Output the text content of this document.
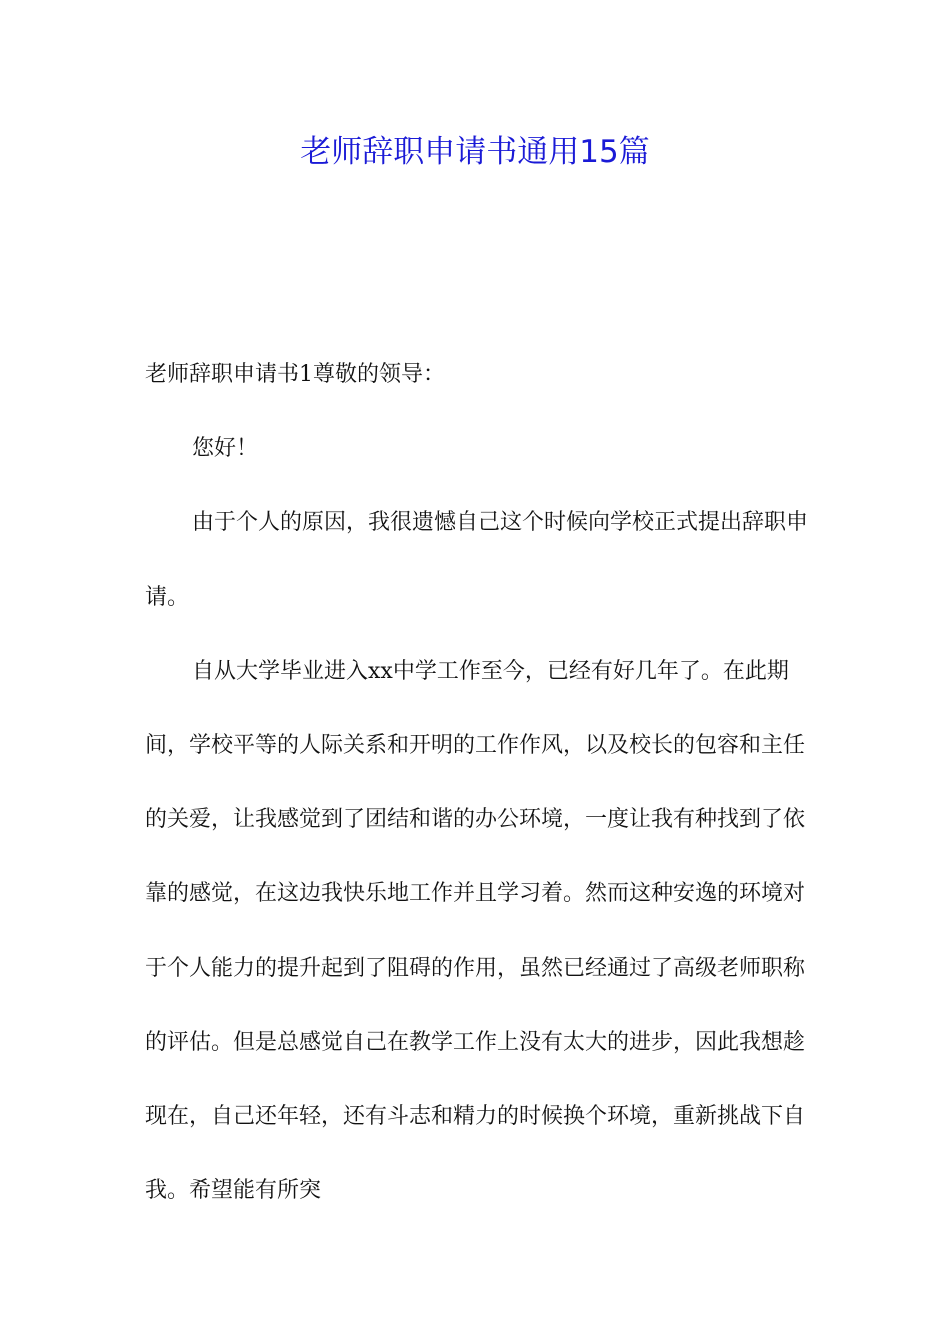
老师辞职申请书通用15篇

老师辞职申请书1尊敬的领导：

您好！

由于个人的原因，我很遗憾自己这个时候向学校正式提出辞职申请。

自从大学毕业进入xx中学工作至今，已经有好几年了。在此期间，学校平等的人际关系和开明的工作作风，以及校长的包容和主任的关爱，让我感觉到了团结和谐的办公环境，一度让我有种找到了依靠的感觉，在这边我快乐地工作并且学习着。然而这种安逸的环境对于个人能力的提升起到了阻碍的作用，虽然已经通过了高级老师职称的评估。但是总感觉自己在教学工作上没有太大的进步，因此我想趁现在，自己还年轻，还有斗志和精力的时候换个环境，重新挑战下自我。希望能有所突
